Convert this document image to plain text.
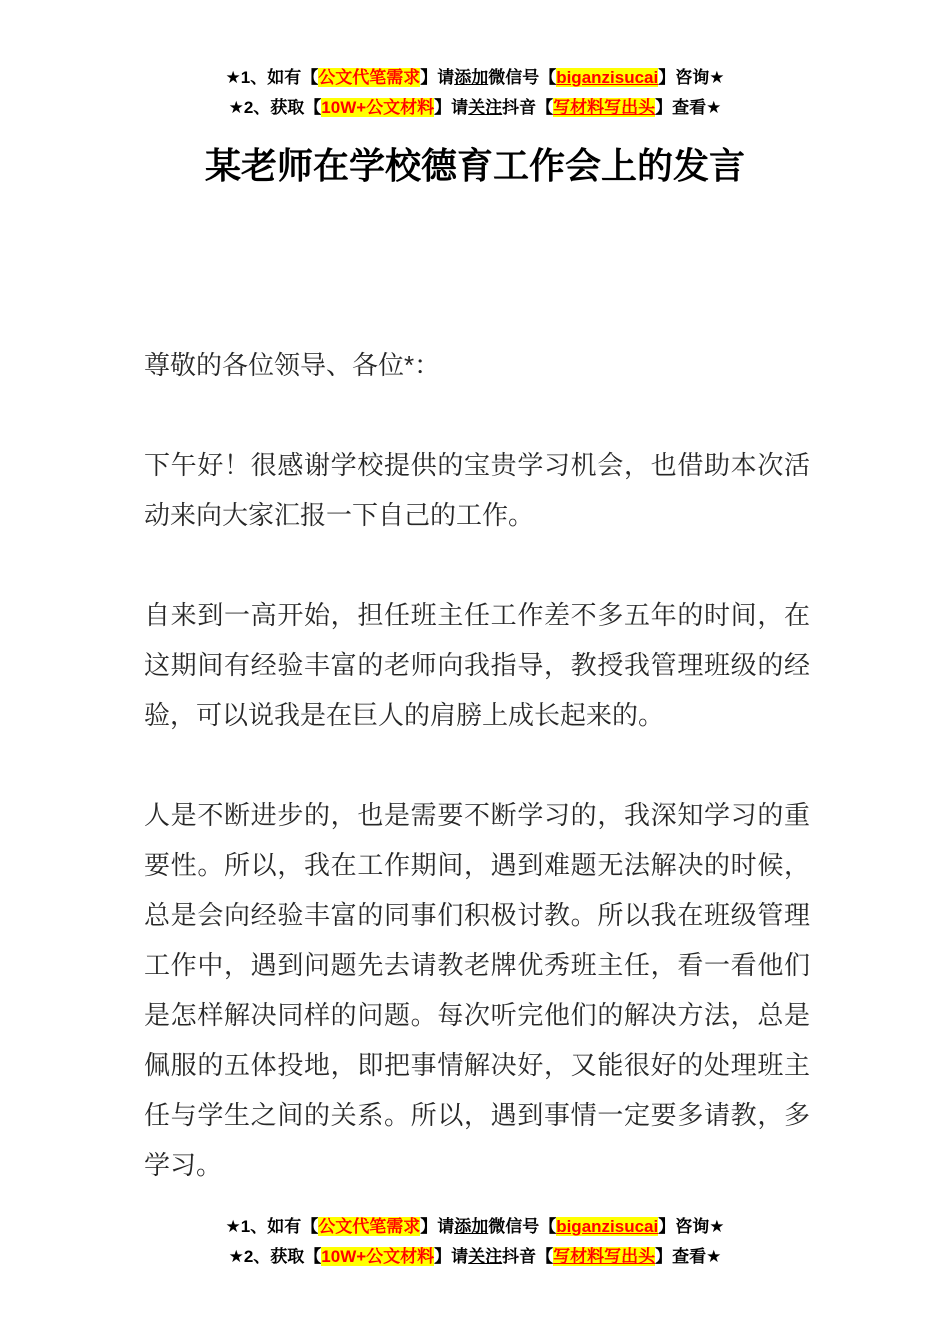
★1、如有【公文代笔需求】请添加微信号【biganzisucai】咨询★
★2、获取【10W+公文材料】请关注抖音【写材料写出头】查看★
某老师在学校德育工作会上的发言

尊敬的各位领导、各位*：

下午好！很感谢学校提供的宝贵学习机会，也借助本次活动来向大家汇报一下自己的工作。

自来到一高开始，担任班主任工作差不多五年的时间，在这期间有经验丰富的老师向我指导，教授我管理班级的经验，可以说我是在巨人的肩膀上成长起来的。

人是不断进步的，也是需要不断学习的，我深知学习的重要性。所以，我在工作期间，遇到难题无法解决的时候，总是会向经验丰富的同事们积极讨教。所以我在班级管理工作中，遇到问题先去请教老牌优秀班主任，看一看他们是怎样解决同样的问题。每次听完他们的解决方法，总是佩服的五体投地，即把事情解决好，又能很好的处理班主任与学生之间的关系。所以，遇到事情一定要多请教，多学习。

★1、如有【公文代笔需求】请添加微信号【biganzisucai】咨询★
★2、获取【10W+公文材料】请关注抖音【写材料写出头】查看★
